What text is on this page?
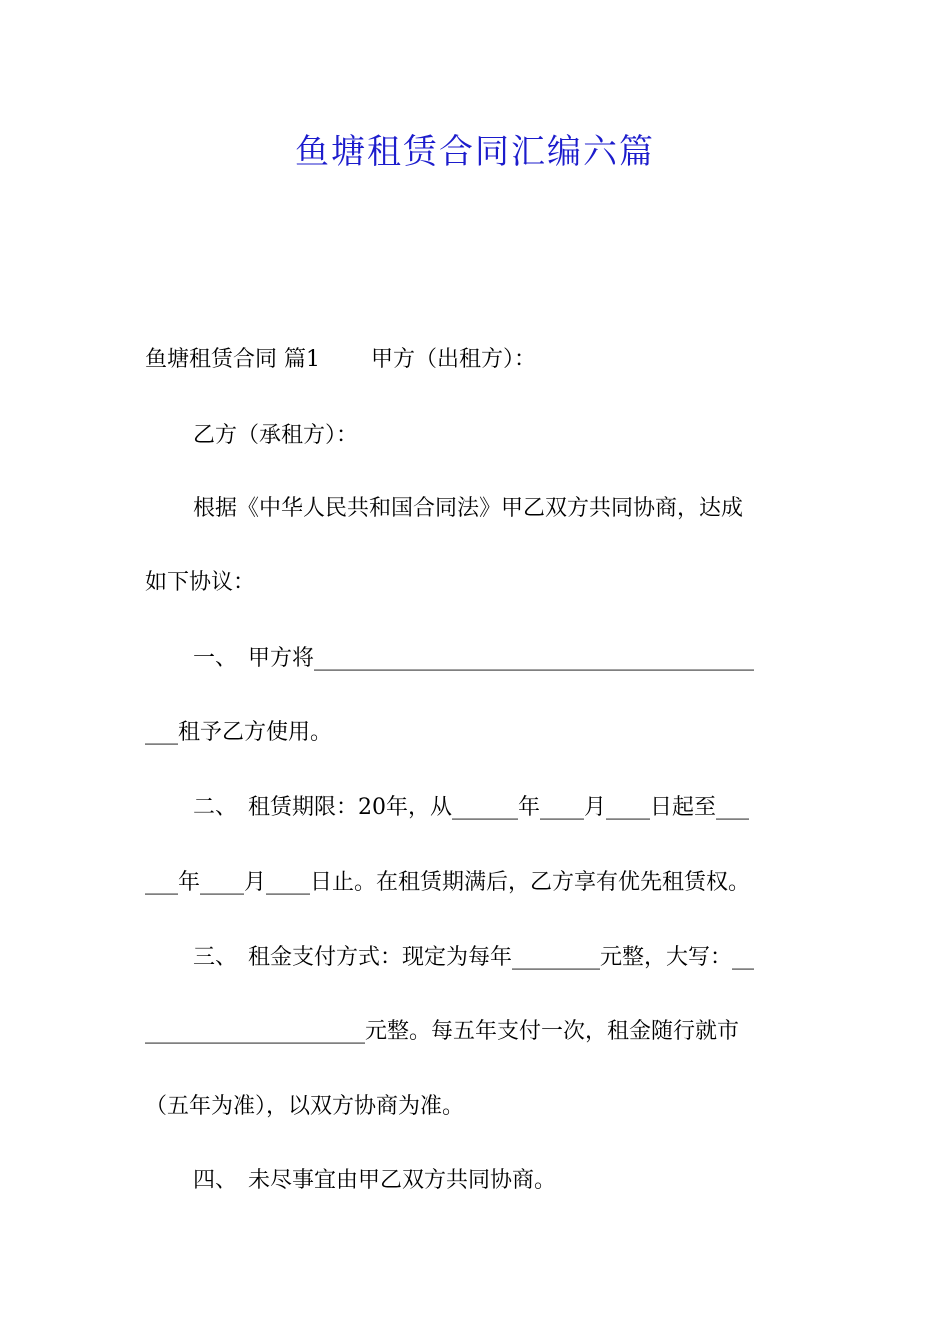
鱼塘租赁合同汇编六篇
鱼塘租赁合同 篇1　　 甲方（出租方）：
乙方（承租方）：
根据《中华人民共和国合同法》甲乙双方共同协商，达成
如下协议：
一、　甲方将________________________________________
___租予乙方使用。
二、　租赁期限：20年，从______年____月____日起至___
___年____月____日止。在租赁期满后，乙方享有优先租赁权。
三、　租金支付方式：现定为每年________元整，大写：__
____________________元整。每五年支付一次，租金随行就市
（五年为准），以双方协商为准。
四、　未尽事宜由甲乙双方共同协商。
